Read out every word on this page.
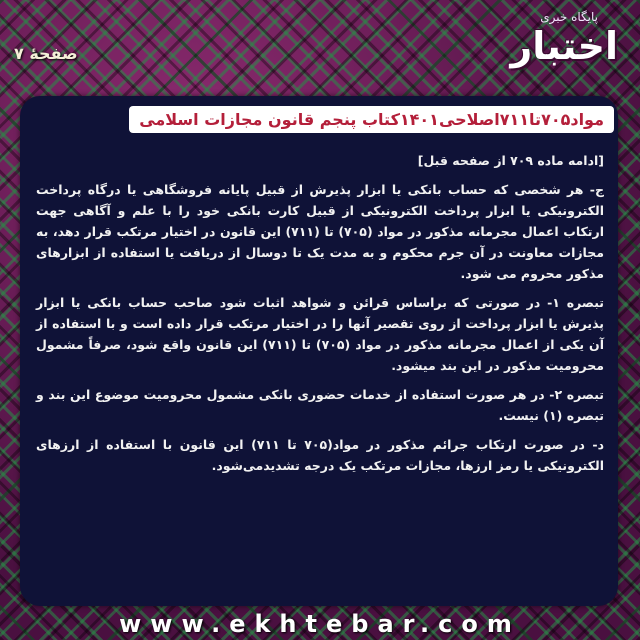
صفحهٔ ۷
پایگاه خبری
اختبار
مواد۷۰۵تا۷۱۱اصلاحی۱۴۰۱کتاب پنجم قانون مجازات اسلامی

[ادامه ماده ۷۰۹ از صفحه قبل]

ج- هر شخصی که حساب بانکی یا ابزار پذیرش از قبیل پایانه فروشگاهی یا درگاه پرداخت الکترونیکی یا ابزار پرداخت الکترونیکی از قبیل کارت بانکی خود را با علم و آگاهی جهت ارتکاب اعمال مجرمانه مذکور در مواد (۷۰۵) تا (۷۱۱) این قانون در اختیار مرتکب قرار دهد، به مجازات معاونت در آن جرم محکوم و به مدت یک تا دوسال از دریافت یا استفاده از ابزارهای مذکور محروم می شود.

تبصره ۱- در صورتی که براساس قرائن و شواهد اثبات شود صاحب حساب بانکی یا ابزار پذیرش یا ابزار پرداخت از روی تقصیر آنها را در اختیار مرتکب قرار داده است و با استفاده از آن یکی از اعمال مجرمانه مذکور در مواد (۷۰۵) تا (۷۱۱) این قانون واقع شود، صرفاً مشمول محرومیت مذکور در این بند میشود.

تبصره ۲- در هر صورت استفاده از خدمات حضوری بانکی مشمول محرومیت موضوع این بند و تبصره (۱) نیست.

د- در صورت ارتکاب جرائم مذکور در مواد(۷۰۵ تا ۷۱۱) این قانون با استفاده از ارزهای الکترونیکی یا رمز ارزها، مجازات مرتکب یک درجه تشدیدمی‌شود.

www.ekhtebar.com
